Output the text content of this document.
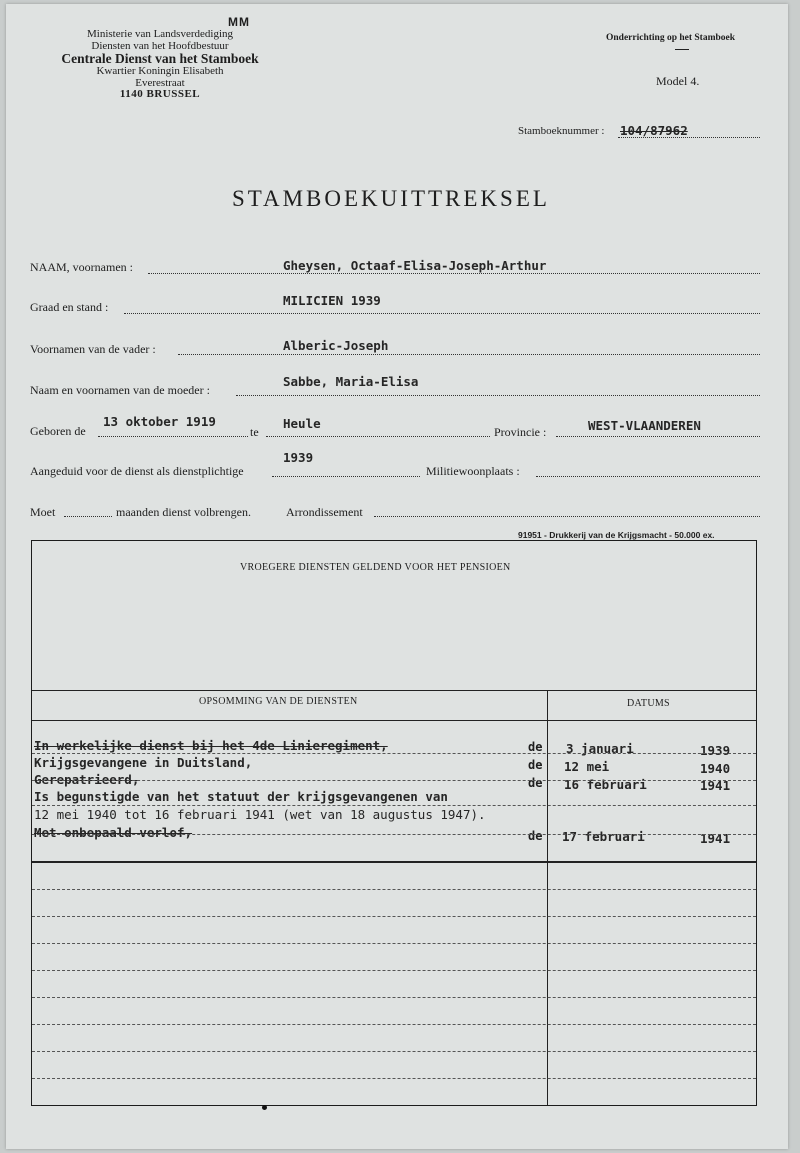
MM
Ministerie van Landsverdediging
Diensten van het Hoofdbestuur
Centrale Dienst van het Stamboek
Kwartier Koningin Elisabeth
Everestraat
1140 BRUSSEL
Onderrichting op het Stamboek
Model 4.
Stamboeknummer : 104/87962
STAMBOEKUITTREKSEL
NAAM, voornamen :	Gheysen, Octaaf-Elisa-Joseph-Arthur
Graad en stand :	MILICIEN 1939
Voornamen van de vader :	Alberic-Joseph
Naam en voornamen van de moeder :
Sabbe, Maria-Elisa
Geboren de
13 oktober 1919
te
Heule
Provincie :	WEST-VLAANDEREN
Aangeduid voor de dienst als dienstplichtige
1939
Militiewoonplaats :
Moet	maanden dienst volbrengen.	Arrondissement
91951 - Drukkerij van de Krijgsmacht - 50.000 ex.
VROEGERE DIENSTEN GELDEND VOOR HET PENSIOEN
OPSOMMING VAN DE DIENSTEN	DATUMS
In werkelijke dienst bij het 4de Linieregiment,	de 3 januari	1939
Krijgsgevangene in Duitsland,	de 12 mei	1940
Gerepatrieerd,	de 16 februari	1941
Is begunstigde van het statuut der krijgsgevangenen van
12 mei 1940 tot 16 februari 1941 (wet van 18 augustus 1947).
Met onbepaald verlof,	de 17 februari	1941
